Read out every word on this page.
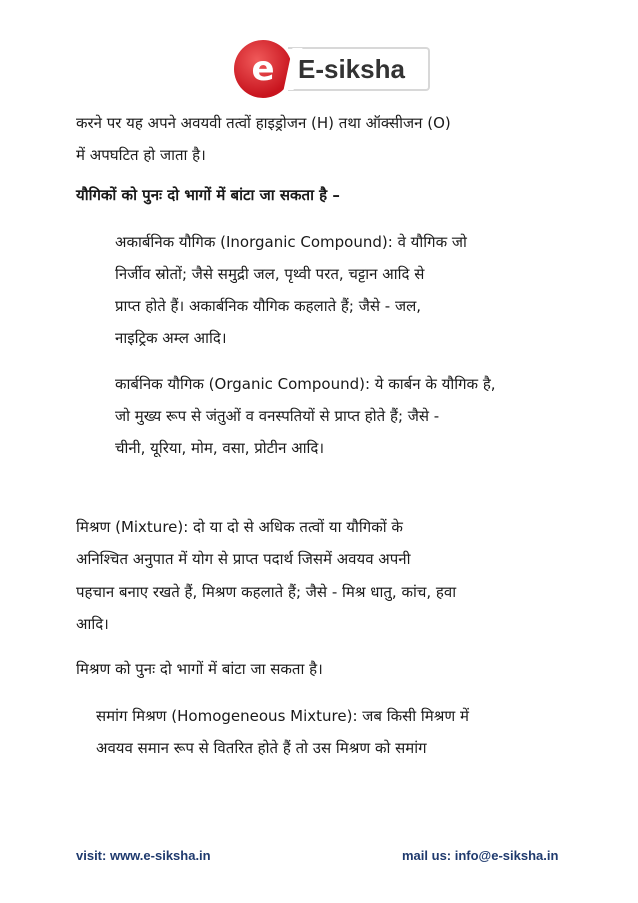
e E-siksha
करने पर यह अपने अवयवी तत्वों हाइड्रोजन (H) तथा ऑक्सीजन (O)
में अपघटित हो जाता है।
यौगिकों को पुनः दो भागों में बांटा जा सकता है –
अकार्बनिक यौगिक (Inorganic Compound): वे यौगिक जो
निर्जीव स्रोतों; जैसे समुद्री जल, पृथ्वी परत, चट्टान आदि से
प्राप्त होते हैं। अकार्बनिक यौगिक कहलाते हैं; जैसे - जल,
नाइट्रिक अम्ल आदि।
कार्बनिक यौगिक (Organic Compound): ये कार्बन के यौगिक है,
जो मुख्य रूप से जंतुओं व वनस्पतियों से प्राप्त होते हैं; जैसे -
चीनी, यूरिया, मोम, वसा, प्रोटीन आदि।
मिश्रण (Mixture): दो या दो से अधिक तत्वों या यौगिकों के
अनिश्चित अनुपात में योग से प्राप्त पदार्थ जिसमें अवयव अपनी
पहचान बनाए रखते हैं, मिश्रण कहलाते हैं; जैसे - मिश्र धातु, कांच, हवा
आदि।
मिश्रण को पुनः दो भागों में बांटा जा सकता है।
समांग मिश्रण (Homogeneous Mixture): जब किसी मिश्रण में
अवयव समान रूप से वितरित होते हैं तो उस मिश्रण को समांग
visit: www.e-siksha.in	mail us: info@e-siksha.in
